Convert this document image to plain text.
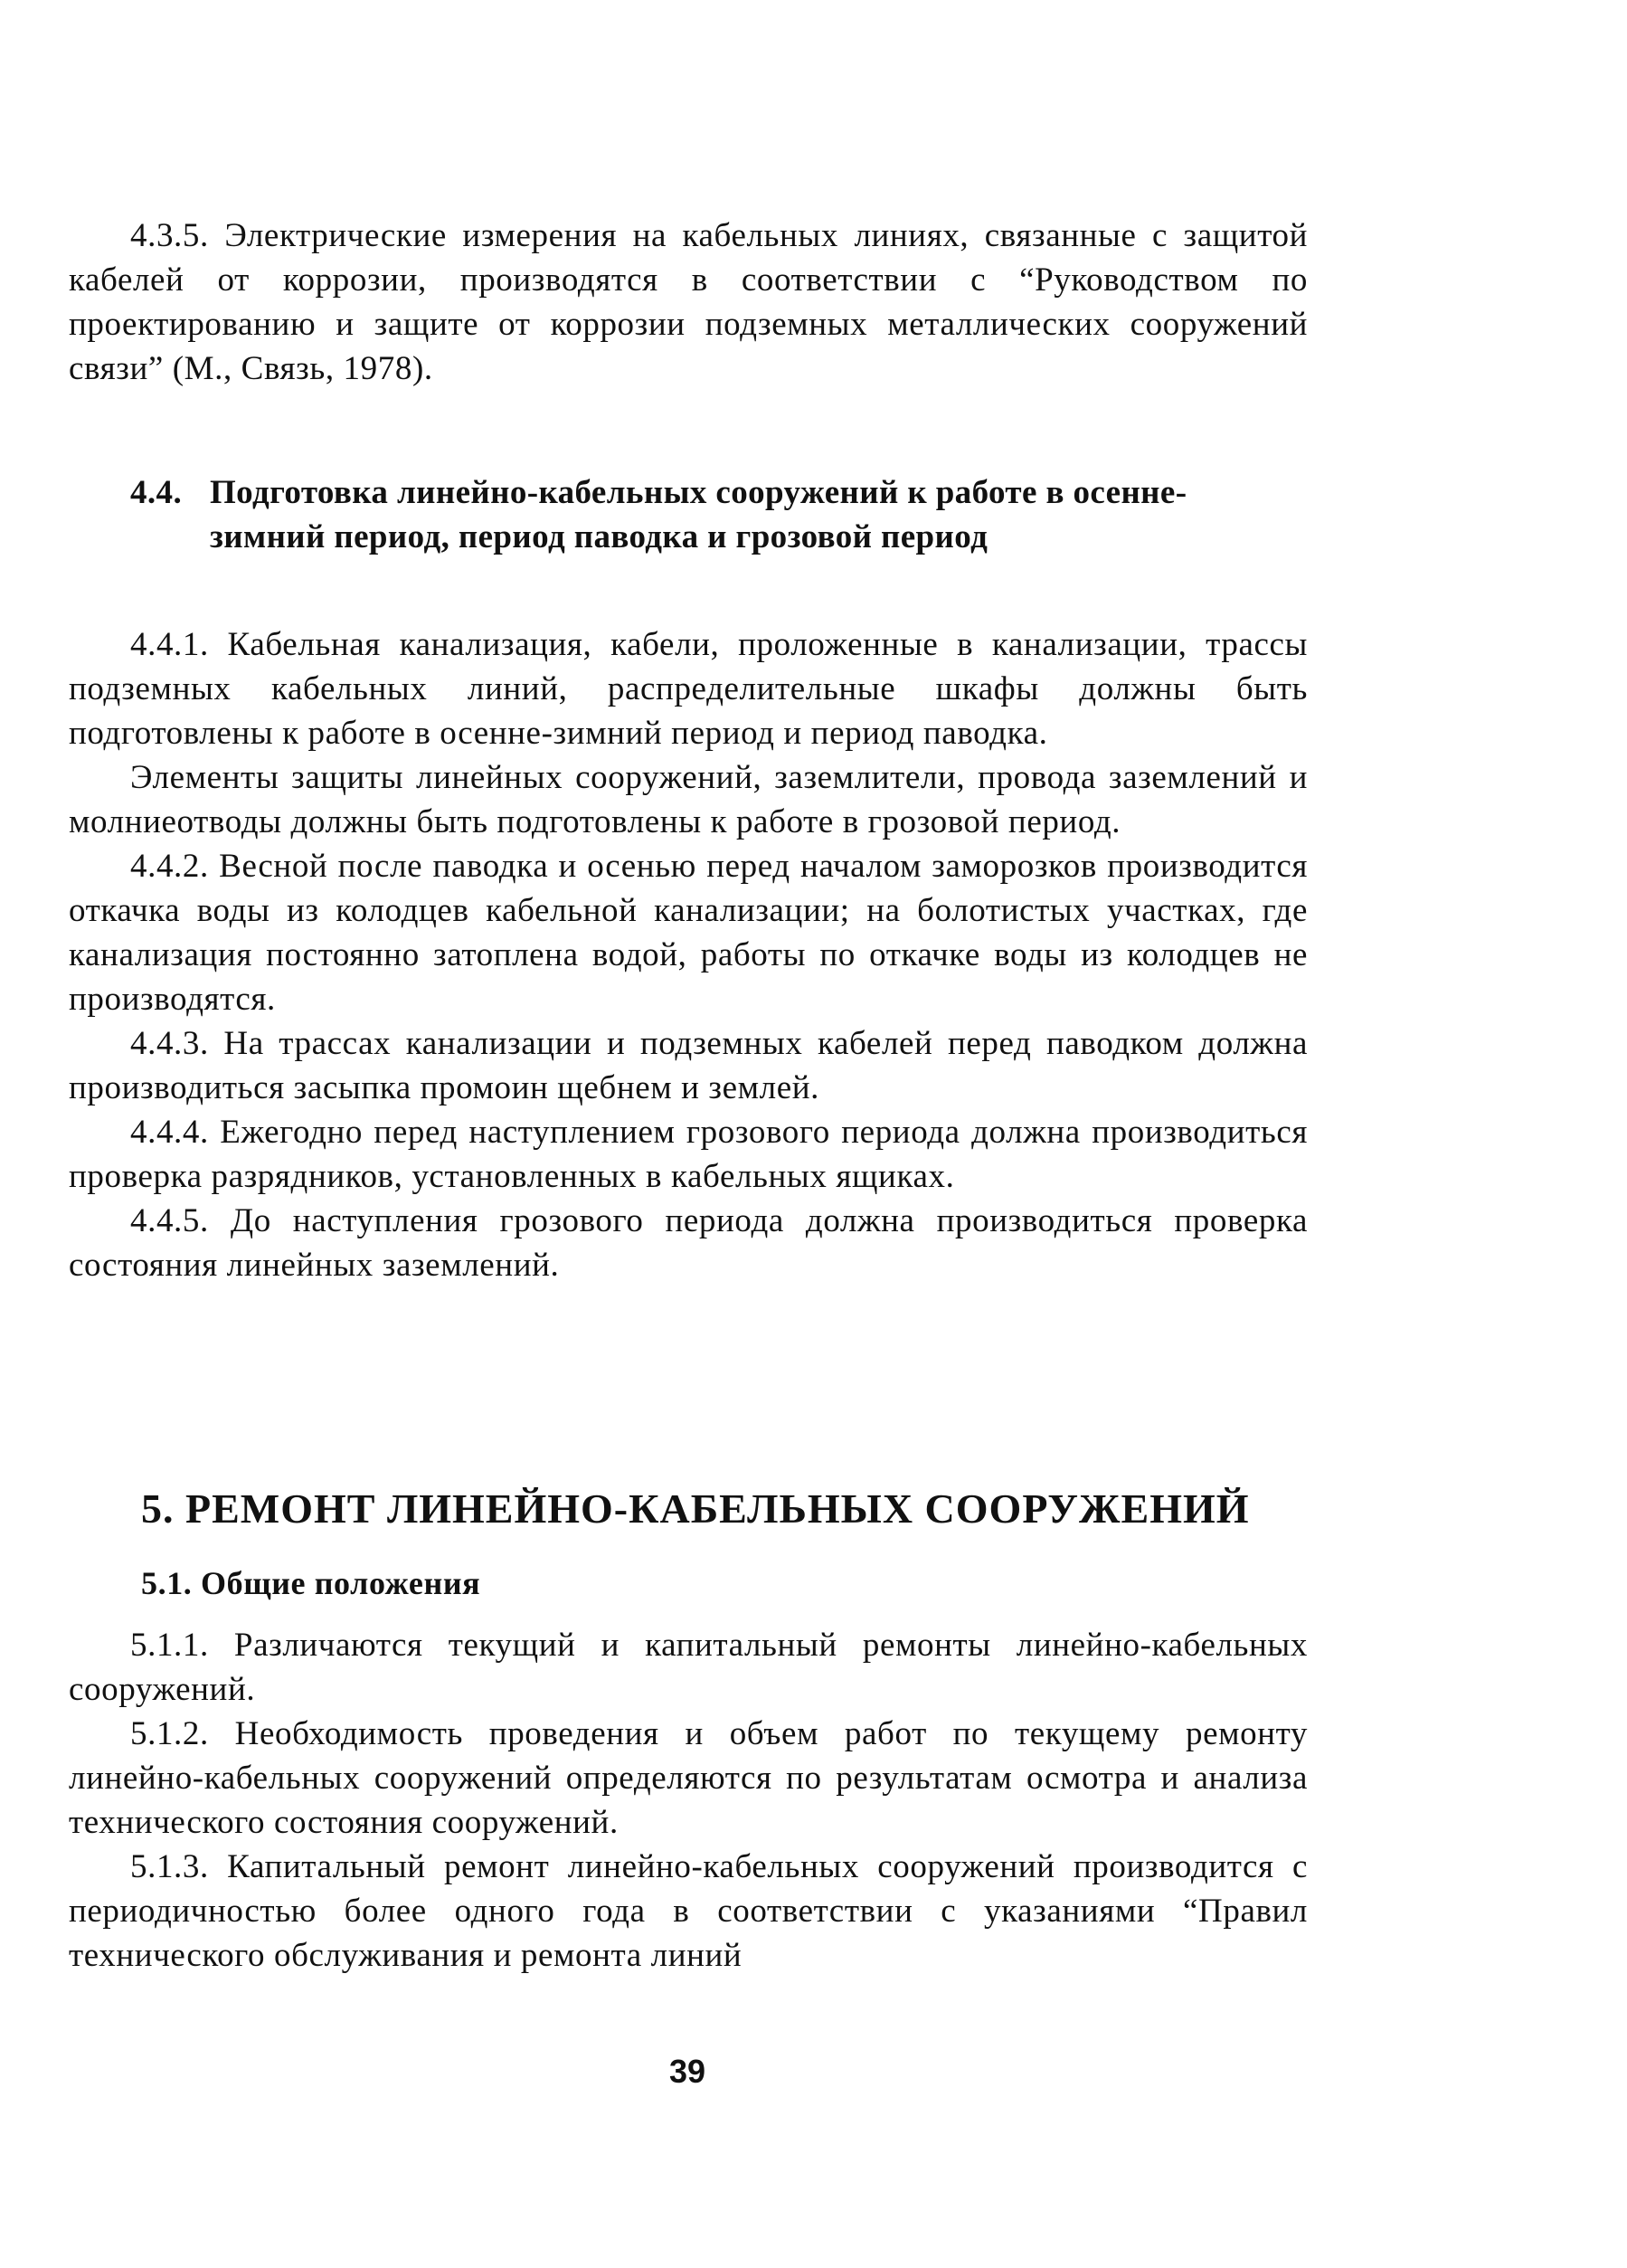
4.3.5. Электрические измерения на кабельных линиях, связанные с защитой кабелей от коррозии, производятся в соответствии с “Руководством по проектированию и защите от коррозии подземных металлических сооружений связи” (М., Связь, 1978).

4.4. Подготовка линейно-кабельных сооружений к работе в осенне-зимний период, период паводка и грозовой период

4.4.1. Кабельная канализация, кабели, проложенные в канализации, трассы подземных кабельных линий, распределительные шкафы должны быть подготовлены к работе в осенне-зимний период и период паводка.

Элементы защиты линейных сооружений, заземлители, провода заземлений и молниеотводы должны быть подготовлены к работе в грозовой период.

4.4.2. Весной после паводка и осенью перед началом заморозков производится откачка воды из колодцев кабельной канализации; на болотистых участках, где канализация постоянно затоплена водой, работы по откачке воды из колодцев не производятся.

4.4.3. На трассах канализации и подземных кабелей перед паводком должна производиться засыпка промоин щебнем и землей.

4.4.4. Ежегодно перед наступлением грозового периода должна производиться проверка разрядников, установленных в кабельных ящиках.

4.4.5. До наступления грозового периода должна производиться проверка состояния линейных заземлений.

5. РЕМОНТ ЛИНЕЙНО-КАБЕЛЬНЫХ СООРУЖЕНИЙ

5.1. Общие положения

5.1.1. Различаются текущий и капитальный ремонты линейно-кабельных сооружений.

5.1.2. Необходимость проведения и объем работ по текущему ремонту линейно-кабельных сооружений определяются по результатам осмотра и анализа технического состояния сооружений.

5.1.3. Капитальный ремонт линейно-кабельных сооружений производится с периодичностью более одного года в соответствии с указаниями “Правил технического обслуживания и ремонта линий

39
